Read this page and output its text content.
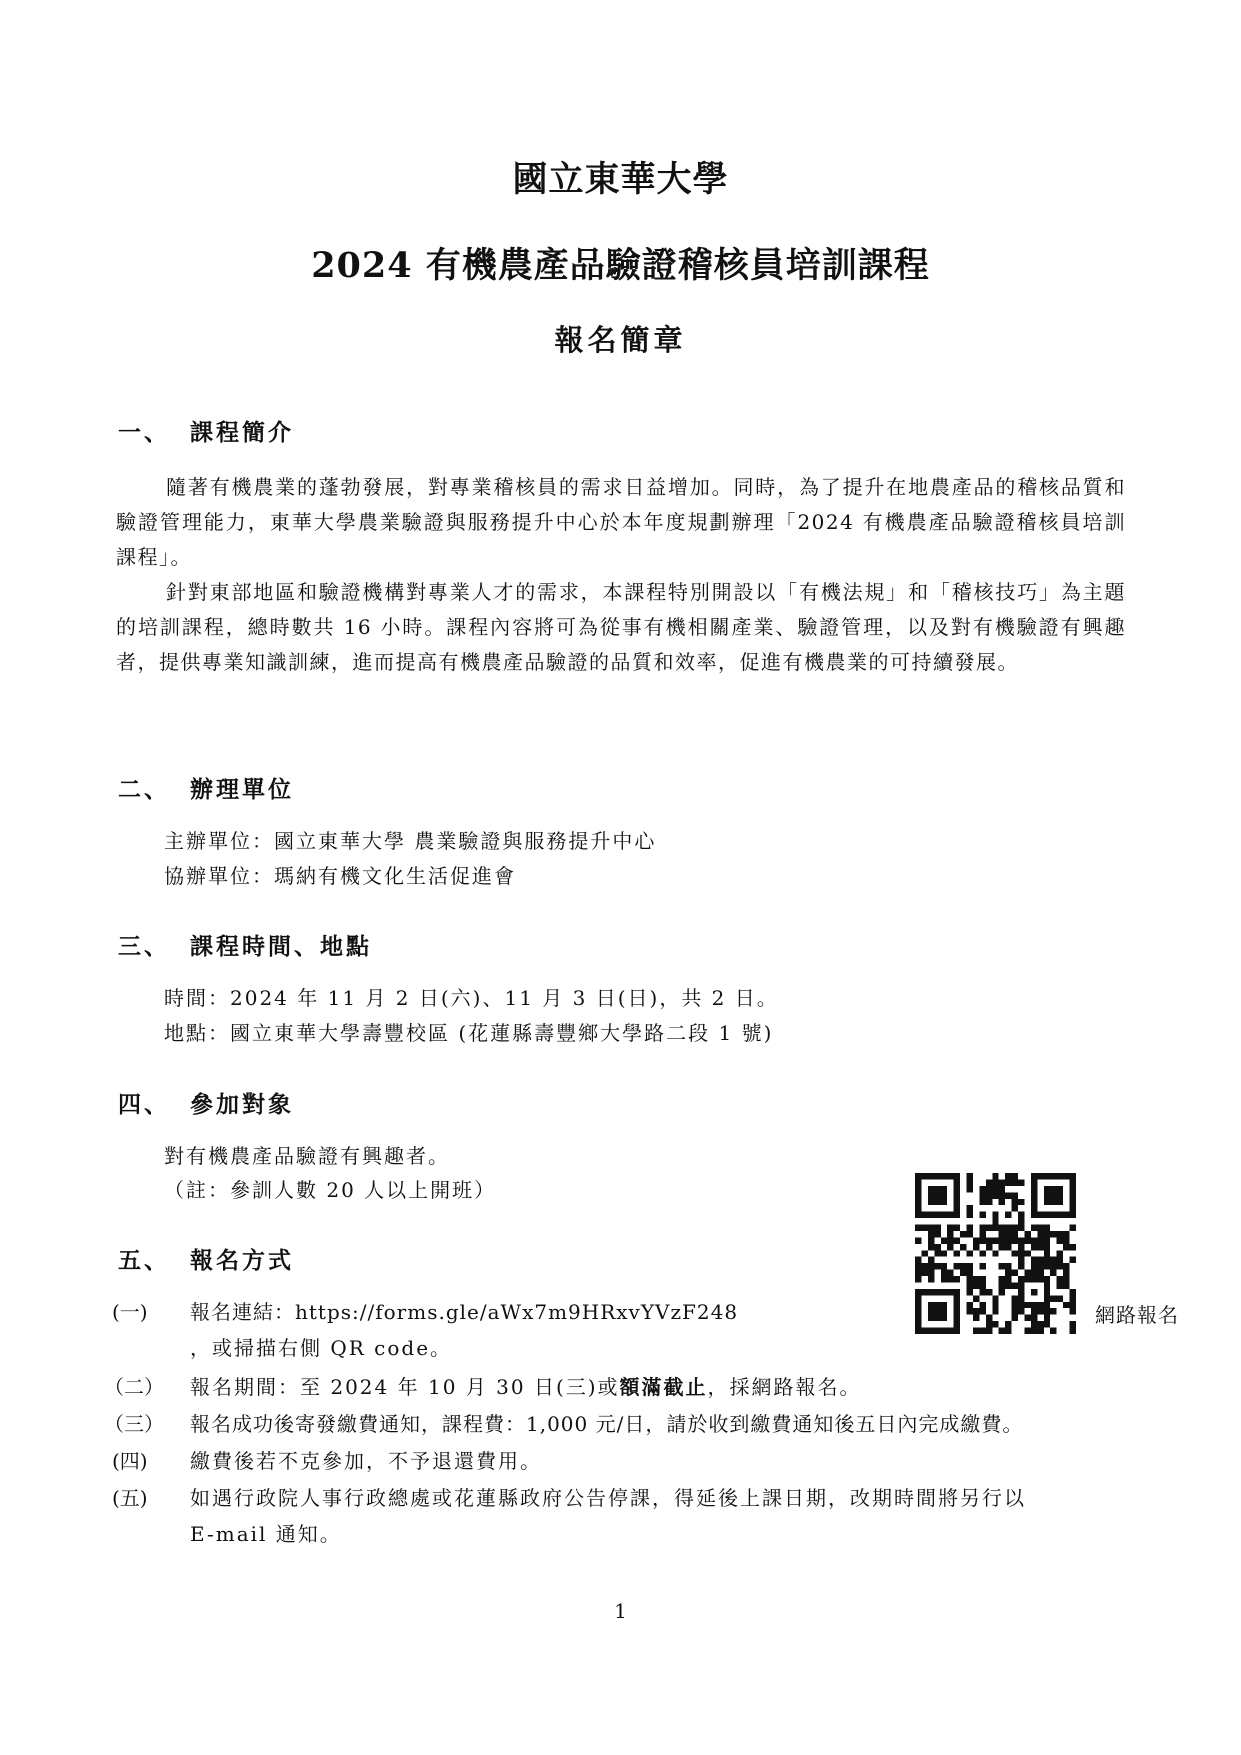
國立東華大學
2024 有機農產品驗證稽核員培訓課程
報名簡章
一、 課程簡介

隨著有機農業的蓬勃發展，對專業稽核員的需求日益增加。同時，為了提升在地農產品的稽核品質和驗證管理能力，東華大學農業驗證與服務提升中心於本年度規劃辦理「2024 有機農產品驗證稽核員培訓課程」。

針對東部地區和驗證機構對專業人才的需求，本課程特別開設以「有機法規」和「稽核技巧」為主題的培訓課程，總時數共 16 小時。課程內容將可為從事有機相關產業、驗證管理，以及對有機驗證有興趣者，提供專業知識訓練，進而提高有機農產品驗證的品質和效率，促進有機農業的可持續發展。

二、 辦理單位
主辦單位：國立東華大學 農業驗證與服務提升中心
協辦單位：瑪納有機文化生活促進會
三、 課程時間、地點
時間：2024 年 11 月 2 日(六)、11 月 3 日(日)，共 2 日。
地點：國立東華大學壽豐校區 (花蓮縣壽豐鄉大學路二段 1 號)
四、 參加對象
對有機農產品驗證有興趣者。
（註：參訓人數 20 人以上開班）
五、 報名方式
(一) 報名連結：https://forms.gle/aWx7m9HRxvYVzF248
，或掃描右側 QR code。
（二） 報名期間：至 2024 年 10 月 30 日(三)或額滿截止，採網路報名。
（三） 報名成功後寄發繳費通知，課程費：1,000 元/日，請於收到繳費通知後五日內完成繳費。
(四) 繳費後若不克參加，不予退還費用。
(五) 如遇行政院人事行政總處或花蓮縣政府公告停課，得延後上課日期，改期時間將另行以
E-mail 通知。
網路報名
1
